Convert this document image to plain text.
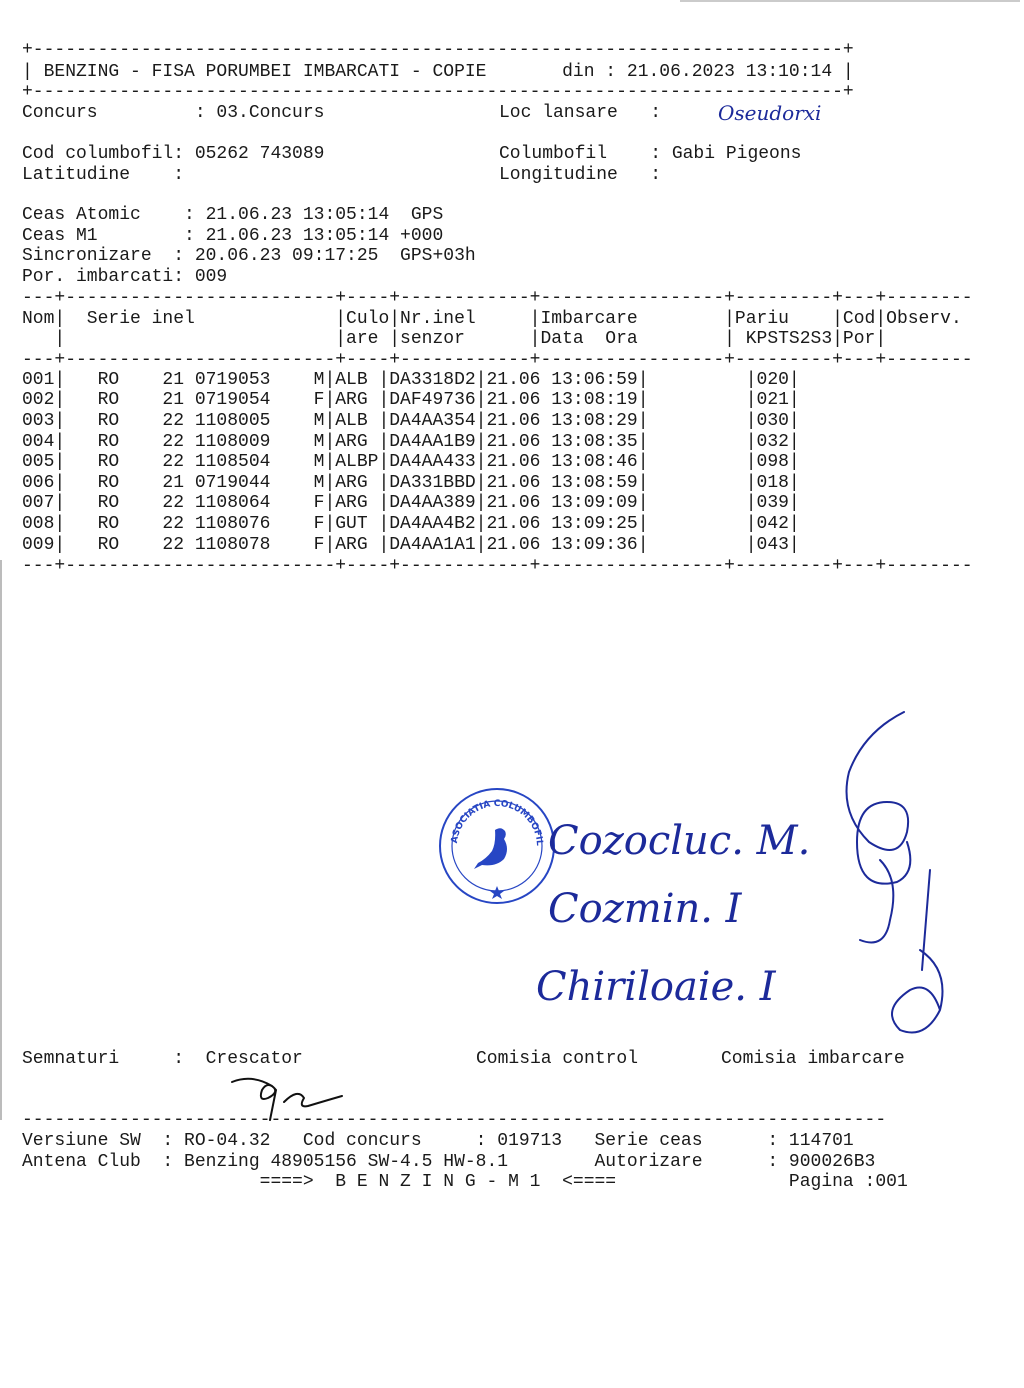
+---------------------------------------------------------------------------+
| BENZING - FISA PORUMBEI IMBARCATI - COPIE       din : 21.06.2023 13:10:14 |
+---------------------------------------------------------------------------+
Concurs         : 03.Concurs	Loc lansare   :	Oseudorxi
Cod columbofil: 05262 743089	Columbofil    : Gabi Pigeons
Latitudine    :	Longitudine   :
Ceas Atomic    : 21.06.23 13:05:14  GPS
Ceas M1        : 21.06.23 13:05:14 +000
Sincronizare  : 20.06.23 09:17:25  GPS+03h
Por. imbarcati: 009
---+-------------------------+----+------------+-----------------+---------+---+--------
Nom|  Serie inel             |Culo|Nr.inel     |Imbarcare        |Pariu    |Cod|Observ.
|                         |are |senzor      |Data  Ora        | KPSTS2S3|Por|
---+-------------------------+----+------------+-----------------+---------+---+--------
001|   RO    21 0719053    M|ALB |DA3318D2|21.06 13:06:59|         |020|
002|   RO    21 0719054    F|ARG |DAF49736|21.06 13:08:19|         |021|
003|   RO    22 1108005    M|ALB |DA4AA354|21.06 13:08:29|         |030|
004|   RO    22 1108009    M|ARG |DA4AA1B9|21.06 13:08:35|         |032|
005|   RO    22 1108504    M|ALBP|DA4AA433|21.06 13:08:46|         |098|
006|   RO    21 0719044    M|ARG |DA331BBD|21.06 13:08:59|         |018|
007|   RO    22 1108064    F|ARG |DA4AA389|21.06 13:09:09|         |039|
008|   RO    22 1108076    F|GUT |DA4AA4B2|21.06 13:09:25|         |042|
009|   RO    22 1108078    F|ARG |DA4AA1A1|21.06 13:09:36|         |043|
---+-------------------------+----+------------+-----------------+---------+---+--------
ASOCIATIA COLUMBOFILA
Cozocluc. M.
Cozmin. I
Chiriloaie. I
Semnaturi     :  Crescator	Comisia control	Comisia imbarcare
--------------------------------------------------------------------------------
Versiune SW  : RO-04.32   Cod concurs     : 019713   Serie ceas      : 114701
Antena Club  : Benzing 48905156 SW-4.5 HW-8.1        Autorizare      : 900026B3
====>  B E N Z I N G - M 1  <====                Pagina :001
